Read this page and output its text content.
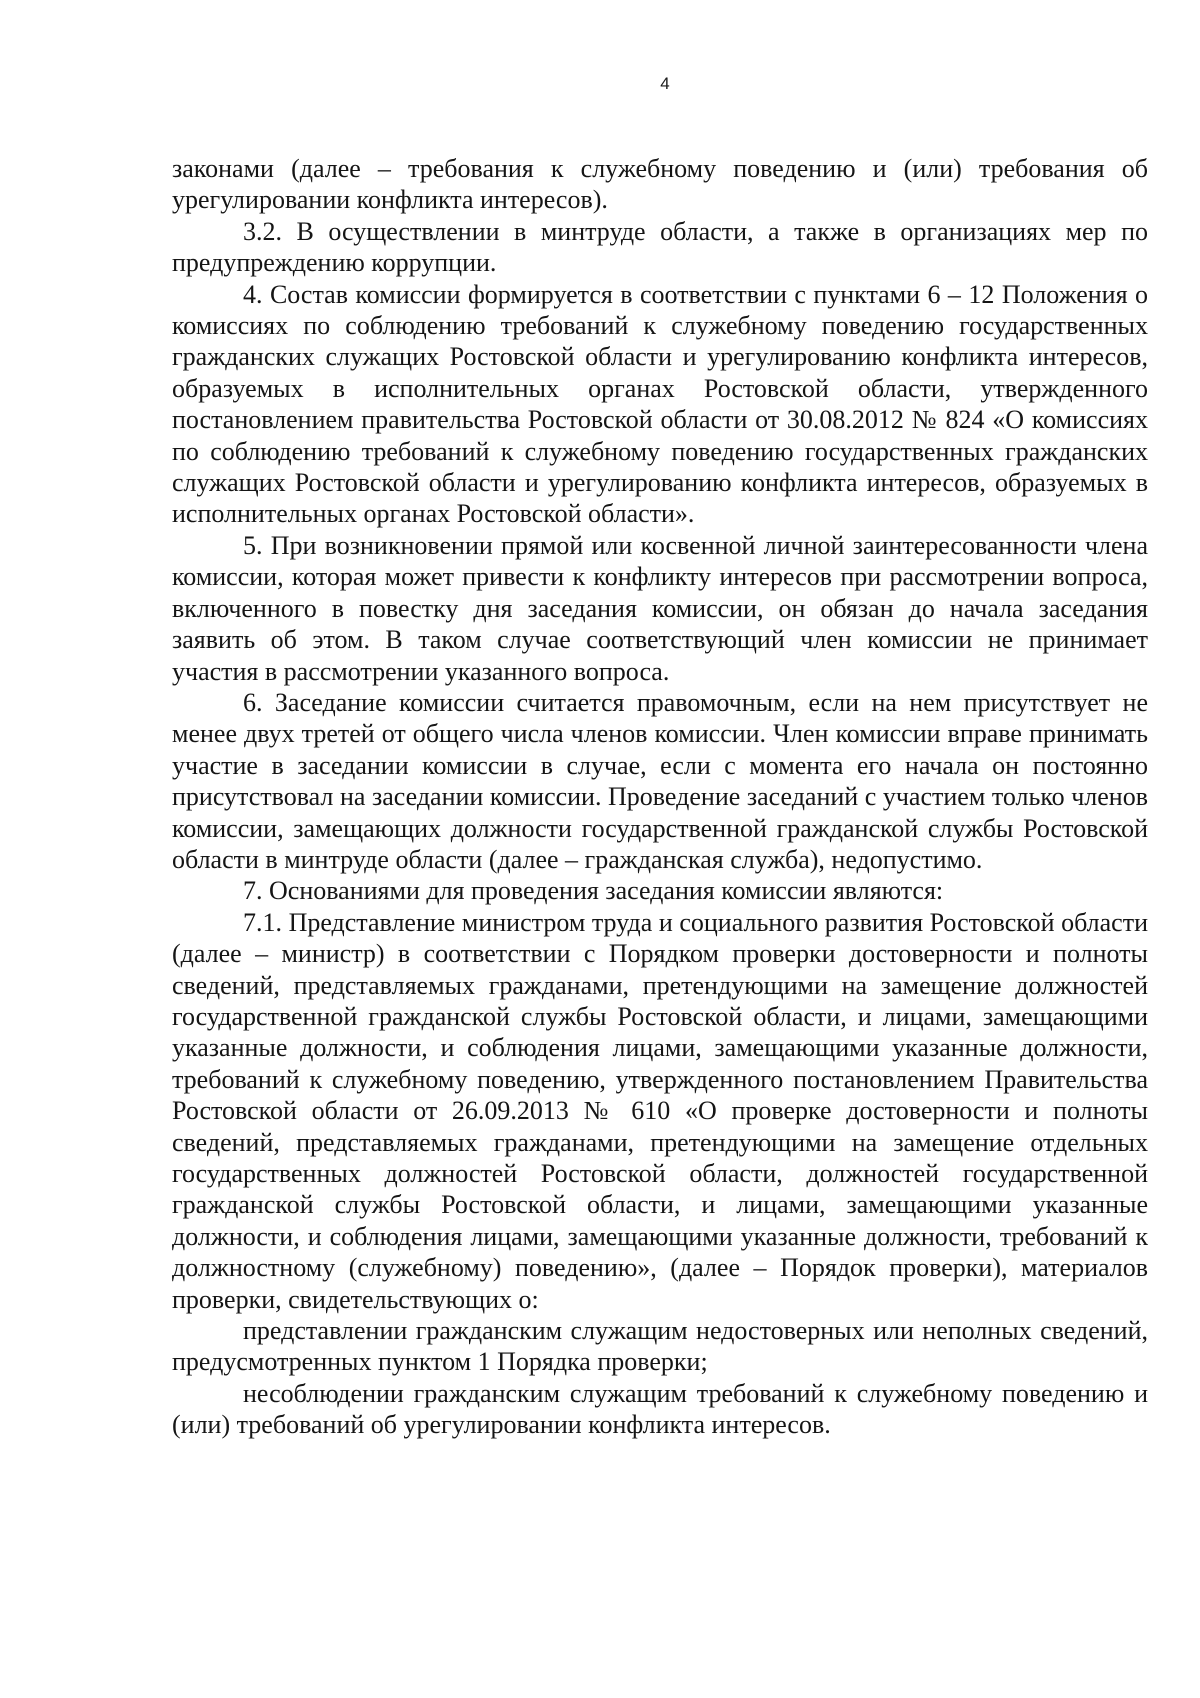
4

законами (далее – требования к служебному поведению и (или) требования об урегулировании конфликта интересов).

3.2. В осуществлении в минтруде области, а также в организациях мер по предупреждению коррупции.

4. Состав комиссии формируется в соответствии с пунктами 6 – 12 Положения о комиссиях по соблюдению требований к служебному поведению государственных гражданских служащих Ростовской области и урегулированию конфликта интересов, образуемых в исполнительных органах Ростовской области, утвержденного постановлением правительства Ростовской области от 30.08.2012 № 824 «О комиссиях по соблюдению требований к служебному поведению государственных гражданских служащих Ростовской области и урегулированию конфликта интересов, образуемых в исполнительных органах Ростовской области».

5. При возникновении прямой или косвенной личной заинтересованности члена комиссии, которая может привести к конфликту интересов при рассмотрении вопроса, включенного в повестку дня заседания комиссии, он обязан до начала заседания заявить об этом. В таком случае соответствующий член комиссии не принимает участия в рассмотрении указанного вопроса.

6. Заседание комиссии считается правомочным, если на нем присутствует не менее двух третей от общего числа членов комиссии. Член комиссии вправе принимать участие в заседании комиссии в случае, если с момента его начала он постоянно присутствовал на заседании комиссии. Проведение заседаний с участием только членов комиссии, замещающих должности государственной гражданской службы Ростовской области в минтруде области (далее – гражданская служба), недопустимо.

7. Основаниями для проведения заседания комиссии являются:

7.1. Представление министром труда и социального развития Ростовской области (далее – министр) в соответствии с Порядком проверки достоверности и полноты сведений, представляемых гражданами, претендующими на замещение должностей государственной гражданской службы Ростовской области, и лицами, замещающими указанные должности, и соблюдения лицами, замещающими указанные должности, требований к служебному поведению, утвержденного постановлением Правительства Ростовской области от 26.09.2013 № 610 «О проверке достоверности и полноты сведений, представляемых гражданами, претендующими на замещение отдельных государственных должностей Ростовской области, должностей государственной гражданской службы Ростовской области, и лицами, замещающими указанные должности, и соблюдения лицами, замещающими указанные должности, требований к должностному (служебному) поведению», (далее – Порядок проверки), материалов проверки, свидетельствующих о:

представлении гражданским служащим недостоверных или неполных сведений, предусмотренных пунктом 1 Порядка проверки;

несоблюдении гражданским служащим требований к служебному поведению и (или) требований об урегулировании конфликта интересов.
